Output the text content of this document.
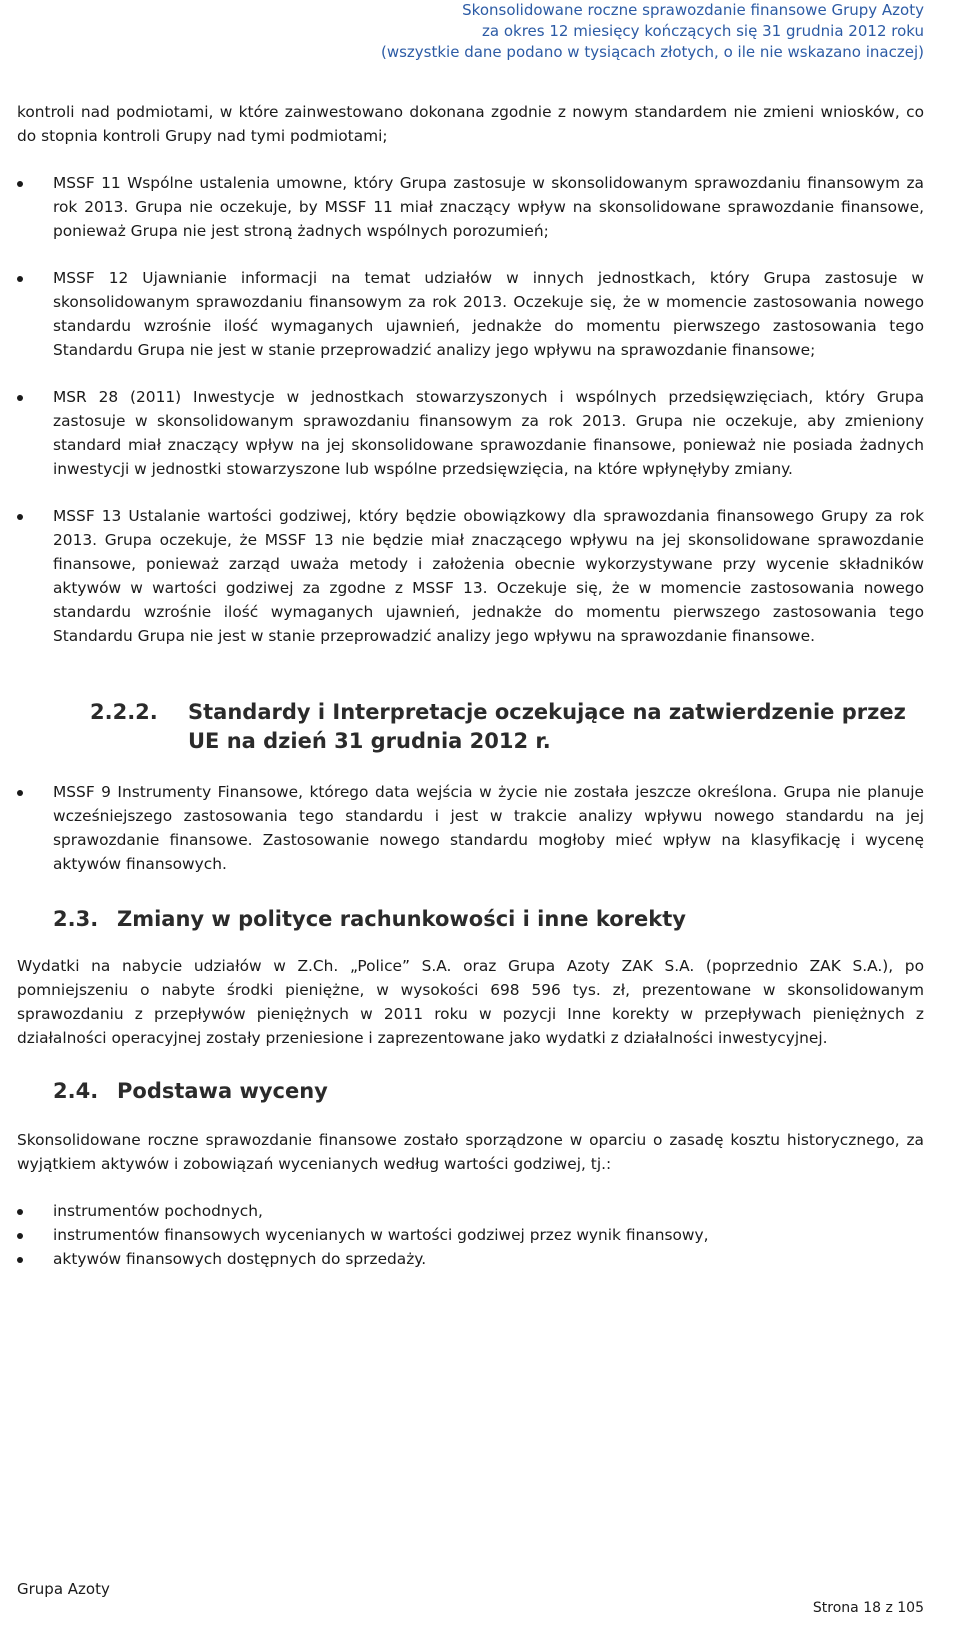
Skonsolidowane roczne sprawozdanie finansowe Grupy Azoty
za okres 12 miesięcy kończących się 31 grudnia 2012 roku
(wszystkie dane podano w tysiącach złotych, o ile nie wskazano inaczej)

kontroli nad podmiotami, w które zainwestowano dokonana zgodnie z nowym standardem nie zmieni wniosków, co do stopnia kontroli Grupy nad tymi podmiotami;

MSSF 11 Wspólne ustalenia umowne, który Grupa zastosuje w skonsolidowanym sprawozdaniu finansowym za rok 2013. Grupa nie oczekuje, by MSSF 11 miał znaczący wpływ na skonsolidowane sprawozdanie finansowe, ponieważ Grupa nie jest stroną żadnych wspólnych porozumień;

MSSF 12 Ujawnianie informacji na temat udziałów w innych jednostkach, który Grupa zastosuje w skonsolidowanym sprawozdaniu finansowym za rok 2013. Oczekuje się, że w momencie zastosowania nowego standardu wzrośnie ilość wymaganych ujawnień, jednakże do momentu pierwszego zastosowania tego Standardu Grupa nie jest w stanie przeprowadzić analizy jego wpływu na sprawozdanie finansowe;

MSR 28 (2011) Inwestycje w jednostkach stowarzyszonych i wspólnych przedsięwzięciach, który Grupa zastosuje w skonsolidowanym sprawozdaniu finansowym za rok 2013. Grupa nie oczekuje, aby zmieniony standard miał znaczący wpływ na jej skonsolidowane sprawozdanie finansowe, ponieważ nie posiada żadnych inwestycji w jednostki stowarzyszone lub wspólne przedsięwzięcia, na które wpłynęłyby zmiany.

MSSF 13 Ustalanie wartości godziwej, który będzie obowiązkowy dla sprawozdania finansowego Grupy za rok 2013. Grupa oczekuje, że MSSF 13 nie będzie miał znaczącego wpływu na jej skonsolidowane sprawozdanie finansowe, ponieważ zarząd uważa metody i założenia obecnie wykorzystywane przy wycenie składników aktywów w wartości godziwej za zgodne z MSSF 13. Oczekuje się, że w momencie zastosowania nowego standardu wzrośnie ilość wymaganych ujawnień, jednakże do momentu pierwszego zastosowania tego Standardu Grupa nie jest w stanie przeprowadzić analizy jego wpływu na sprawozdanie finansowe.

2.2.2.	Standardy i Interpretacje oczekujące na zatwierdzenie przez UE na dzień 31 grudnia 2012 r.

MSSF 9 Instrumenty Finansowe, którego data wejścia w życie nie została jeszcze określona. Grupa nie planuje wcześniejszego zastosowania tego standardu i jest w trakcie analizy wpływu nowego standardu na jej sprawozdanie finansowe. Zastosowanie nowego standardu mogłoby mieć wpływ na klasyfikację i wycenę aktywów finansowych.

2.3. Zmiany w polityce rachunkowości i inne korekty

Wydatki na nabycie udziałów w Z.Ch. „Police” S.A. oraz Grupa Azoty ZAK S.A. (poprzednio ZAK S.A.), po pomniejszeniu o nabyte środki pieniężne, w wysokości 698 596 tys. zł, prezentowane w skonsolidowanym sprawozdaniu z przepływów pieniężnych w 2011 roku w pozycji Inne korekty w przepływach pieniężnych z działalności operacyjnej zostały przeniesione i zaprezentowane jako wydatki z działalności inwestycyjnej.

2.4. Podstawa wyceny

Skonsolidowane roczne sprawozdanie finansowe zostało sporządzone w oparciu o zasadę kosztu historycznego, za wyjątkiem aktywów i zobowiązań wycenianych według wartości godziwej, tj.:

instrumentów pochodnych,

instrumentów finansowych wycenianych w wartości godziwej przez wynik finansowy,

aktywów finansowych dostępnych do sprzedaży.

Grupa Azoty
Strona 18 z 105
